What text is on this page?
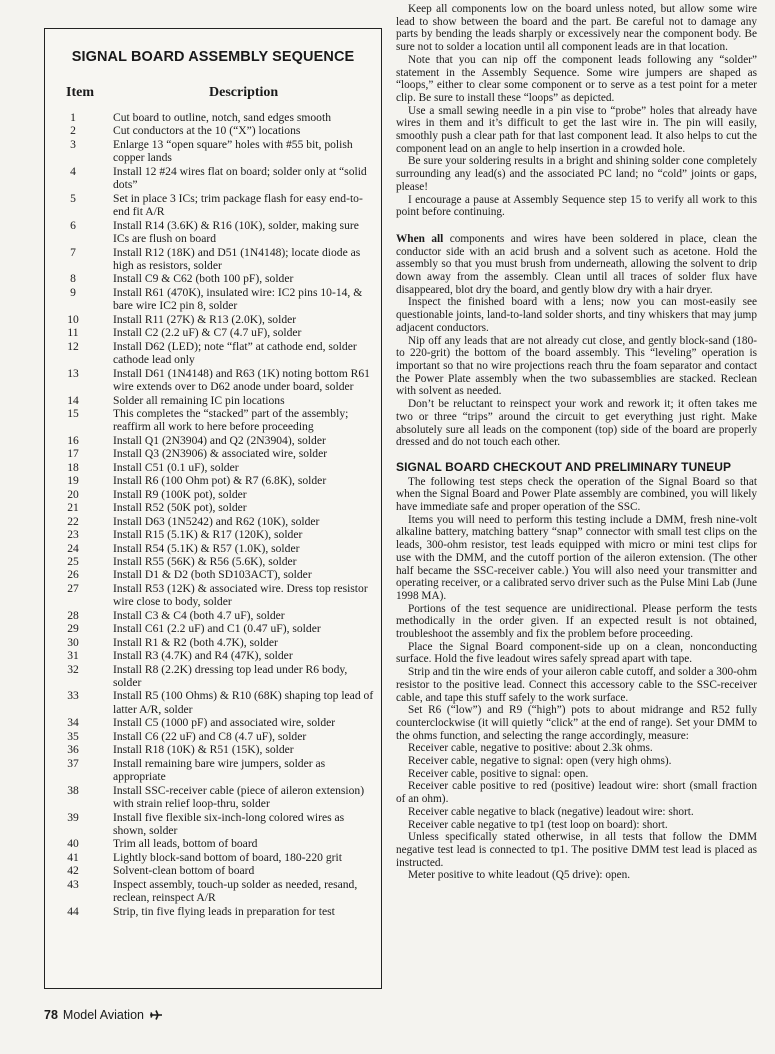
SIGNAL BOARD ASSEMBLY SEQUENCE
Item	Description
1	Cut board to outline, notch, sand edges smooth
2	Cut conductors at the 10 (“X”) locations
3	Enlarge 13 “open square” holes with #55 bit, polish copper lands
4	Install 12 #24 wires flat on board; solder only at “solid dots”
5	Set in place 3 ICs; trim package flash for easy end-to-end fit A/R
6	Install R14 (3.6K) & R16 (10K), solder, making sure ICs are flush on board
7	Install R12 (18K) and D51 (1N4148); locate diode as high as resistors, solder
8	Install C9 & C62 (both 100 pF), solder
9	Install R61 (470K), insulated wire: IC2 pins 10-14, & bare wire IC2 pin 8, solder
10	Install R11 (27K) & R13 (2.0K), solder
11	Install C2 (2.2 uF) & C7 (4.7 uF), solder
12	Install D62 (LED); note “flat” at cathode end, solder cathode lead only
13	Install D61 (1N4148) and R63 (1K) noting bottom R61 wire extends over to D62 anode under board, solder
14	Solder all remaining IC pin locations
15	This completes the “stacked” part of the assembly; reaffirm all work to here before proceeding
16	Install Q1 (2N3904) and Q2 (2N3904), solder
17	Install Q3 (2N3906) & associated wire, solder
18	Install C51 (0.1 uF), solder
19	Install R6 (100 Ohm pot) & R7 (6.8K), solder
20	Install R9 (100K pot), solder
21	Install R52 (50K pot), solder
22	Install D63 (1N5242) and R62 (10K), solder
23	Install R15 (5.1K) & R17 (120K), solder
24	Install R54 (5.1K) & R57 (1.0K), solder
25	Install R55 (56K) & R56 (5.6K), solder
26	Install D1 & D2 (both SD103ACT), solder
27	Install R53 (12K) & associated wire. Dress top resistor wire close to body, solder
28	Install C3 & C4 (both 4.7 uF), solder
29	Install C61 (2.2 uF) and C1 (0.47 uF), solder
30	Install R1 & R2 (both 4.7K), solder
31	Install R3 (4.7K) and R4 (47K), solder
32	Install R8 (2.2K) dressing top lead under R6 body, solder
33	Install R5 (100 Ohms) & R10 (68K) shaping top lead of latter A/R, solder
34	Install C5 (1000 pF) and associated wire, solder
35	Install C6 (22 uF) and C8 (4.7 uF), solder
36	Install R18 (10K) & R51 (15K), solder
37	Install remaining bare wire jumpers, solder as appropriate
38	Install SSC-receiver cable (piece of aileron extension) with strain relief loop-thru, solder
39	Install five flexible six-inch-long colored wires as shown, solder
40	Trim all leads, bottom of board
41	Lightly block-sand bottom of board, 180-220 grit
42	Solvent-clean bottom of board
43	Inspect assembly, touch-up solder as needed, resand, reclean, reinspect A/R
44	Strip, tin five flying leads in preparation for test

Keep all components low on the board unless noted, but allow some wire lead to show between the board and the part. Be careful not to damage any parts by bending the leads sharply or excessively near the component body. Be sure not to solder a location until all component leads are in that location.

Note that you can nip off the component leads following any “solder” statement in the Assembly Sequence. Some wire jumpers are shaped as “loops,” either to clear some component or to serve as a test point for a meter clip. Be sure to install these “loops” as depicted.

Use a small sewing needle in a pin vise to “probe” holes that already have wires in them and it’s difficult to get the last wire in. The pin will easily, smoothly push a clear path for that last component lead. It also helps to cut the component lead on an angle to help insertion in a crowded hole.

Be sure your soldering results in a bright and shining solder cone completely surrounding any lead(s) and the associated PC land; no “cold” joints or gaps, please!

I encourage a pause at Assembly Sequence step 15 to verify all work to this point before continuing.

When all components and wires have been soldered in place, clean the conductor side with an acid brush and a solvent such as acetone. Hold the assembly so that you must brush from underneath, allowing the solvent to drip down away from the assembly. Clean until all traces of solder flux have disappeared, blot dry the board, and gently blow dry with a hair dryer.

Inspect the finished board with a lens; now you can most-easily see questionable joints, land-to-land solder shorts, and tiny whiskers that may jump adjacent conductors.

Nip off any leads that are not already cut close, and gently block-sand (180- to 220-grit) the bottom of the board assembly. This “leveling” operation is important so that no wire projections reach thru the foam separator and contact the Power Plate assembly when the two subassemblies are stacked. Reclean with solvent as needed.

Don’t be reluctant to reinspect your work and rework it; it often takes me two or three “trips” around the circuit to get everything just right. Make absolutely sure all leads on the component (top) side of the board are properly dressed and do not touch each other.

SIGNAL BOARD CHECKOUT AND PRELIMINARY TUNEUP

The following test steps check the operation of the Signal Board so that when the Signal Board and Power Plate assembly are combined, you will likely have immediate safe and proper operation of the SSC.

Items you will need to perform this testing include a DMM, fresh nine-volt alkaline battery, matching battery “snap” connector with small test clips on the leads, 300-ohm resistor, test leads equipped with micro or mini test clips for use with the DMM, and the cutoff portion of the aileron extension. (The other half became the SSC-receiver cable.) You will also need your transmitter and operating receiver, or a calibrated servo driver such as the Pulse Mini Lab (June 1998 MA).

Portions of the test sequence are unidirectional. Please perform the tests methodically in the order given. If an expected result is not obtained, troubleshoot the assembly and fix the problem before proceeding.

Place the Signal Board component-side up on a clean, nonconducting surface. Hold the five leadout wires safely spread apart with tape.

Strip and tin the wire ends of your aileron cable cutoff, and solder a 300-ohm resistor to the positive lead. Connect this accessory cable to the SSC-receiver cable, and tape this stuff safely to the work surface.

Set R6 (“low”) and R9 (“high”) pots to about midrange and R52 fully counterclockwise (it will quietly “click” at the end of range). Set your DMM to the ohms function, and selecting the range accordingly, measure:

Receiver cable, negative to positive: about 2.3k ohms.

Receiver cable, negative to signal: open (very high ohms).

Receiver cable, positive to signal: open.

Receiver cable positive to red (positive) leadout wire: short (small fraction of an ohm).

Receiver cable negative to black (negative) leadout wire: short.

Receiver cable negative to tp1 (test loop on board): short.

Unless specifically stated otherwise, in all tests that follow the DMM negative test lead is connected to tp1. The positive DMM test lead is placed as instructed.

Meter positive to white leadout (Q5 drive): open.

78 Model Aviation
